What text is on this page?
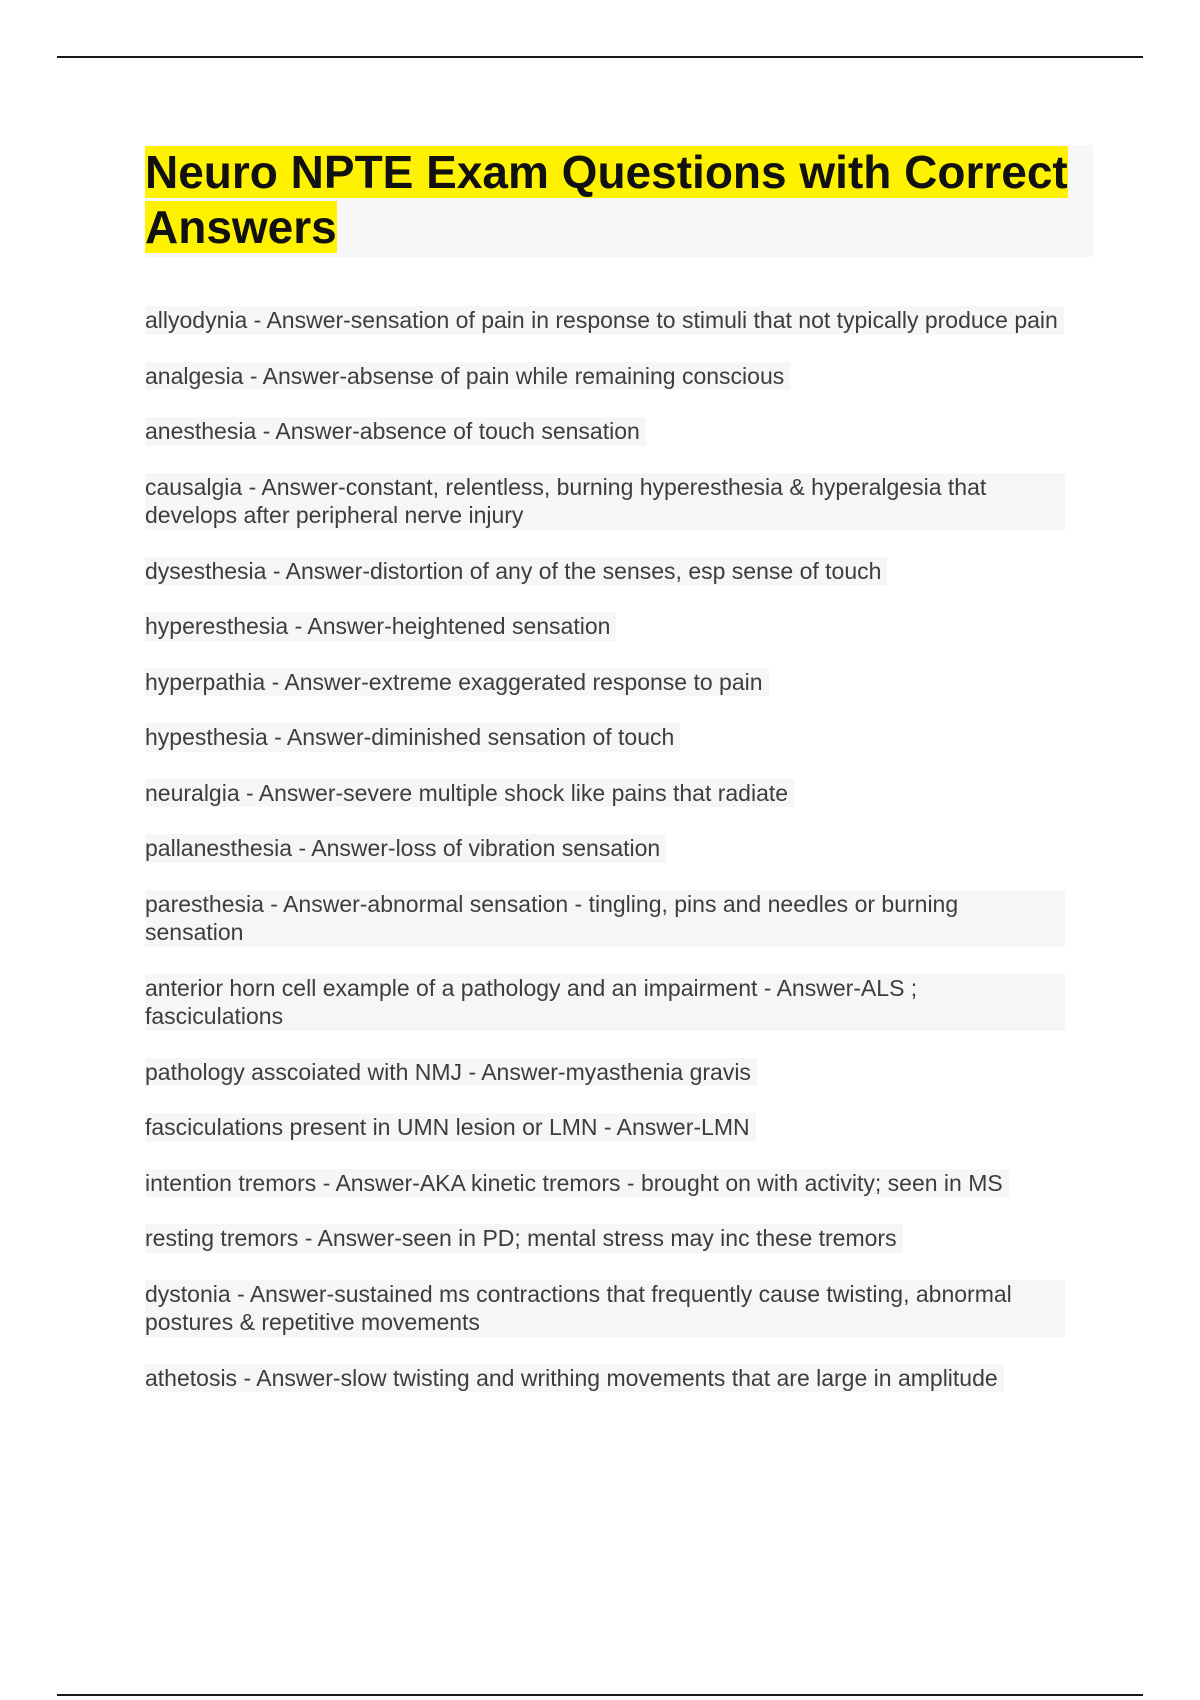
Neuro NPTE Exam Questions with Correct Answers
allyodynia - Answer-sensation of pain in response to stimuli that not typically produce pain
analgesia - Answer-absense of pain while remaining conscious
anesthesia - Answer-absence of touch sensation
causalgia - Answer-constant, relentless, burning hyperesthesia & hyperalgesia that develops after peripheral nerve injury
dysesthesia - Answer-distortion of any of the senses, esp sense of touch
hyperesthesia - Answer-heightened sensation
hyperpathia - Answer-extreme exaggerated response to pain
hypesthesia - Answer-diminished sensation of touch
neuralgia - Answer-severe multiple shock like pains that radiate
pallanesthesia - Answer-loss of vibration sensation
paresthesia - Answer-abnormal sensation - tingling, pins and needles or burning sensation
anterior horn cell example of a pathology and an impairment - Answer-ALS ; fasciculations
pathology asscoiated with NMJ - Answer-myasthenia gravis
fasciculations present in UMN lesion or LMN - Answer-LMN
intention tremors - Answer-AKA kinetic tremors - brought on with activity; seen in MS
resting tremors - Answer-seen in PD; mental stress may inc these tremors
dystonia - Answer-sustained ms contractions that frequently cause twisting, abnormal postures & repetitive movements
athetosis - Answer-slow twisting and writhing movements that are large in amplitude
